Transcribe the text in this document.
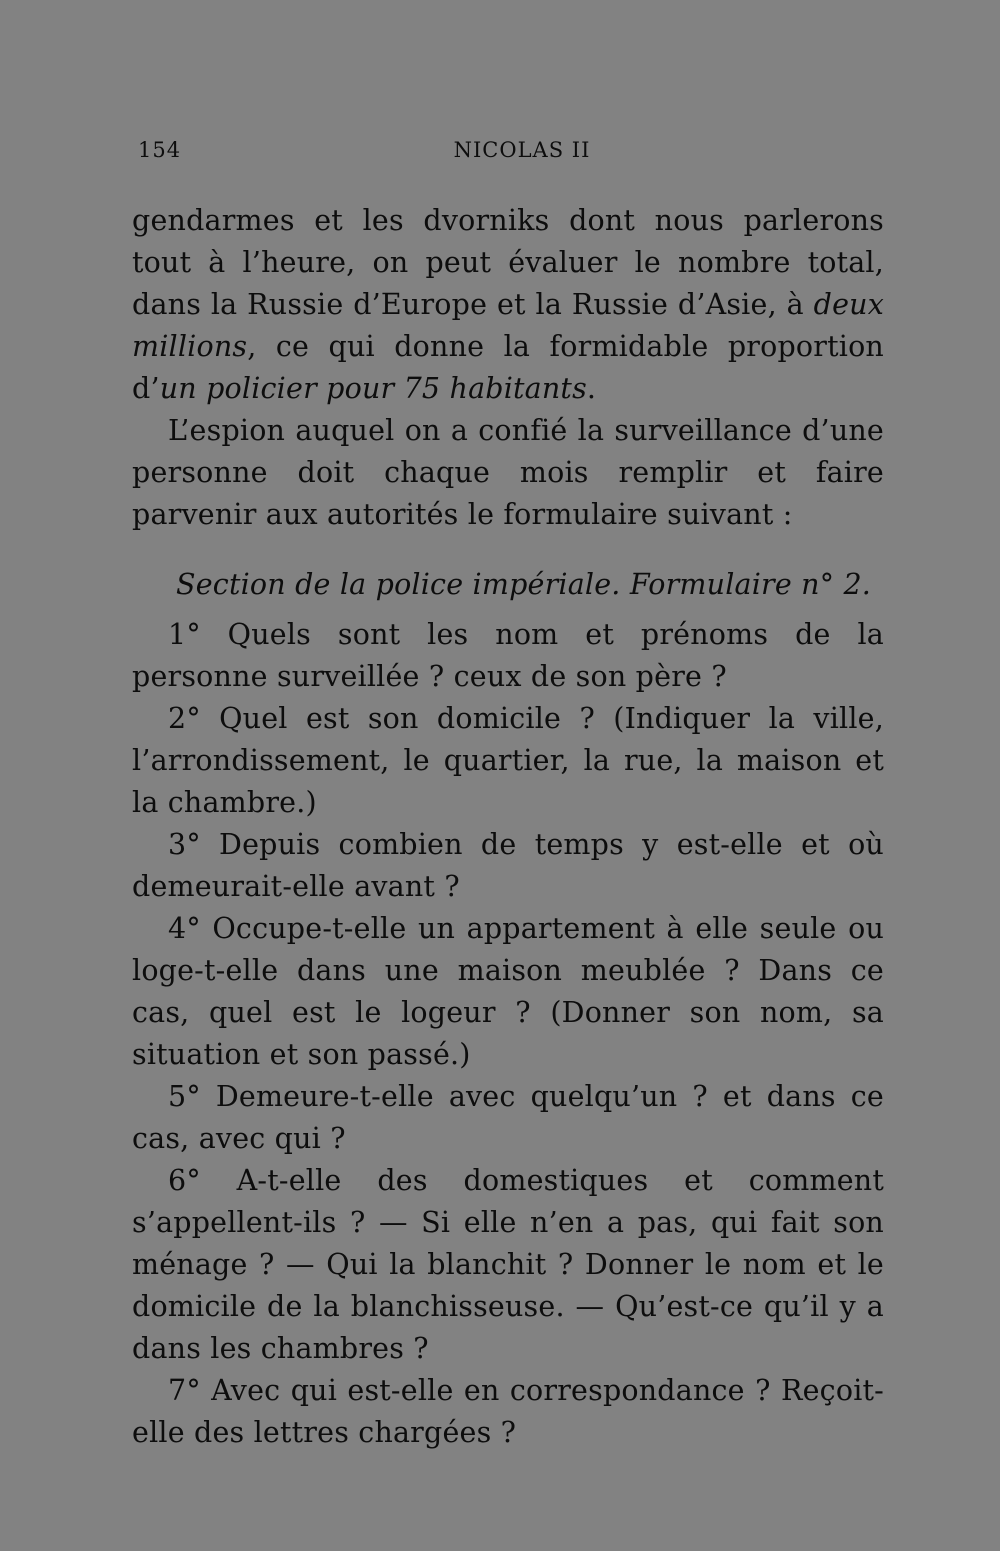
154	NICOLAS II

gendarmes et les dvorniks dont nous parlerons tout à l’heure, on peut évaluer le nombre total, dans la Russie d’Europe et la Russie d’Asie, à deux millions, ce qui donne la formidable proportion d’un policier pour 75 habitants.

L’espion auquel on a confié la surveillance d’une personne doit chaque mois remplir et faire parvenir aux autorités le formulaire suivant :

Section de la police impériale. Formulaire n° 2.

1° Quels sont les nom et prénoms de la personne surveillée ? ceux de son père ?

2° Quel est son domicile ? (Indiquer la ville, l’arrondissement, le quartier, la rue, la maison et la chambre.)

3° Depuis combien de temps y est-elle et où demeurait-elle avant ?

4° Occupe-t-elle un appartement à elle seule ou loge-t-elle dans une maison meublée ? Dans ce cas, quel est le logeur ? (Donner son nom, sa situation et son passé.)

5° Demeure-t-elle avec quelqu’un ? et dans ce cas, avec qui ?

6° A-t-elle des domestiques et comment s’appellent-ils ? — Si elle n’en a pas, qui fait son ménage ? — Qui la blanchit ? Donner le nom et le domicile de la blanchisseuse. — Qu’est-ce qu’il y a dans les chambres ?

7° Avec qui est-elle en correspondance ? Reçoit-elle des lettres chargées ?
